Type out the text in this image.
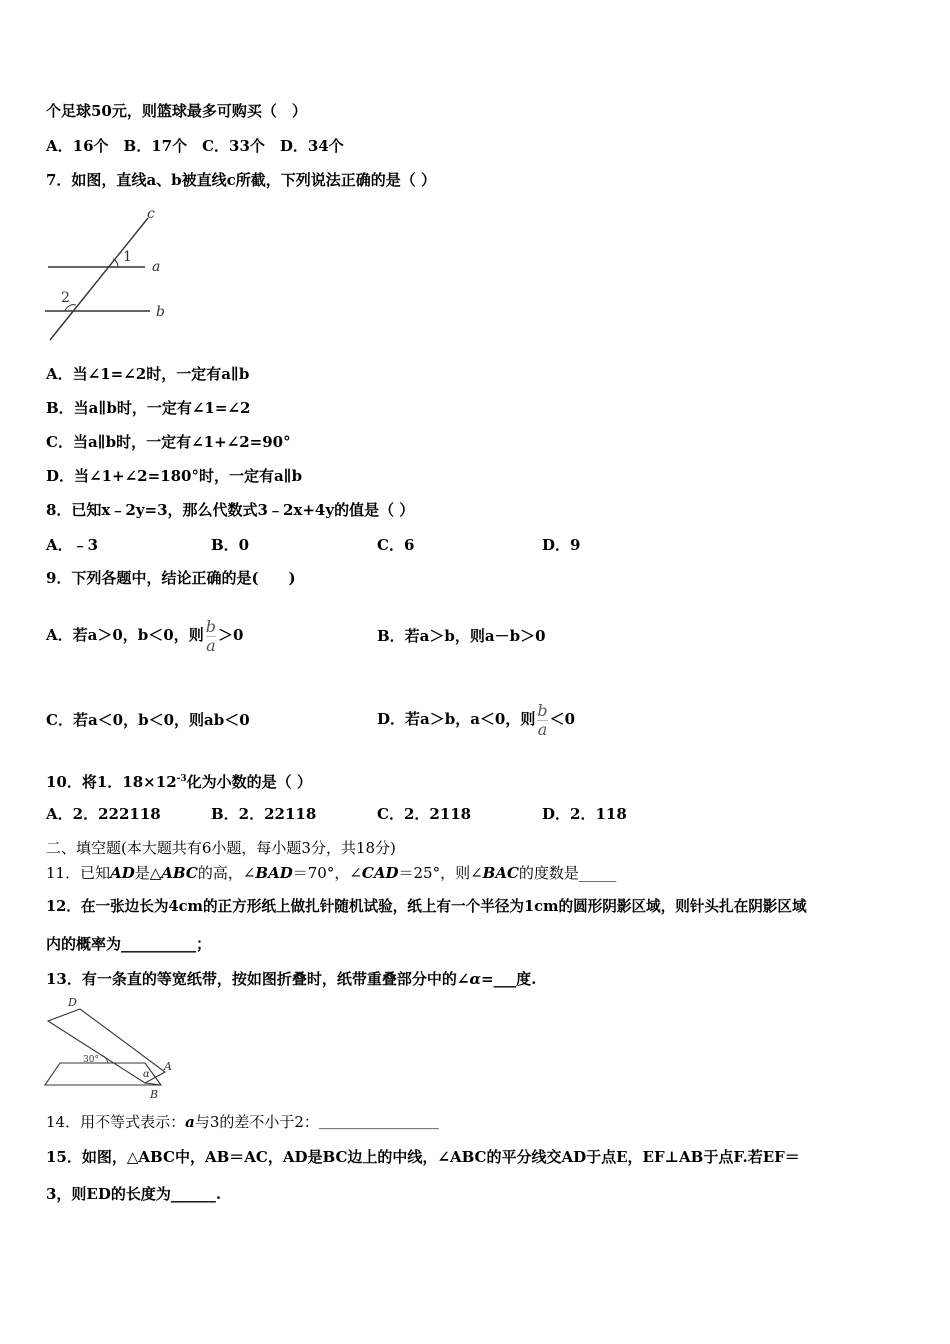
个足球50元，则篮球最多可购买（　）
A．16个　B．17个　C．33个　D．34个
7．如图，直线a、b被直线c所截，下列说法正确的是（ ）
c
1
a
2
b
A．当∠1=∠2时，一定有a∥b
B．当a∥b时，一定有∠1=∠2
C．当a∥b时，一定有∠1+∠2=90°
D．当∠1+∠2=180°时，一定有a∥b
8．已知x﹣2y=3，那么代数式3﹣2x+4y的值是（ ）
A．﹣3	B．0	C．6	D．9
9．下列各题中，结论正确的是(　　)
A．若a＞0，b＜0，则 $\frac{b}{a} >0$	B．若a＞b，则a－b＞0
C．若a＜0，b＜0，则ab＜0	D．若a＞b，a＜0，则 $\frac{b}{a} <0$
10．将1．$18\times 12^{-3}$化为小数的是（ ）
A．2．222118	B．2．22118	C．2．2118	D．2．118
二、填空题(本大题共有6小题，每小题3分，共18分)
11．已知AD是△ABC的高，∠BAD＝70°，∠CAD＝25°，则∠BAC的度数是_____
12．在一张边长为4cm的正方形纸上做扎针随机试验，纸上有一个半径为1cm的圆形阴影区域，则针头扎在阴影区域
内的概率为__________；
13．有一条直的等宽纸带，按如图折叠时，纸带重叠部分中的∠α=___度.
D
30°	A
α
B
14．用不等式表示：a与3的差不小于2：＿＿＿＿＿＿＿＿
15．如图，△ABC中，AB＝AC，AD是BC边上的中线，∠ABC的平分线交AD于点E，EF⊥AB于点F.若EF＝
3，则ED的长度为______.
